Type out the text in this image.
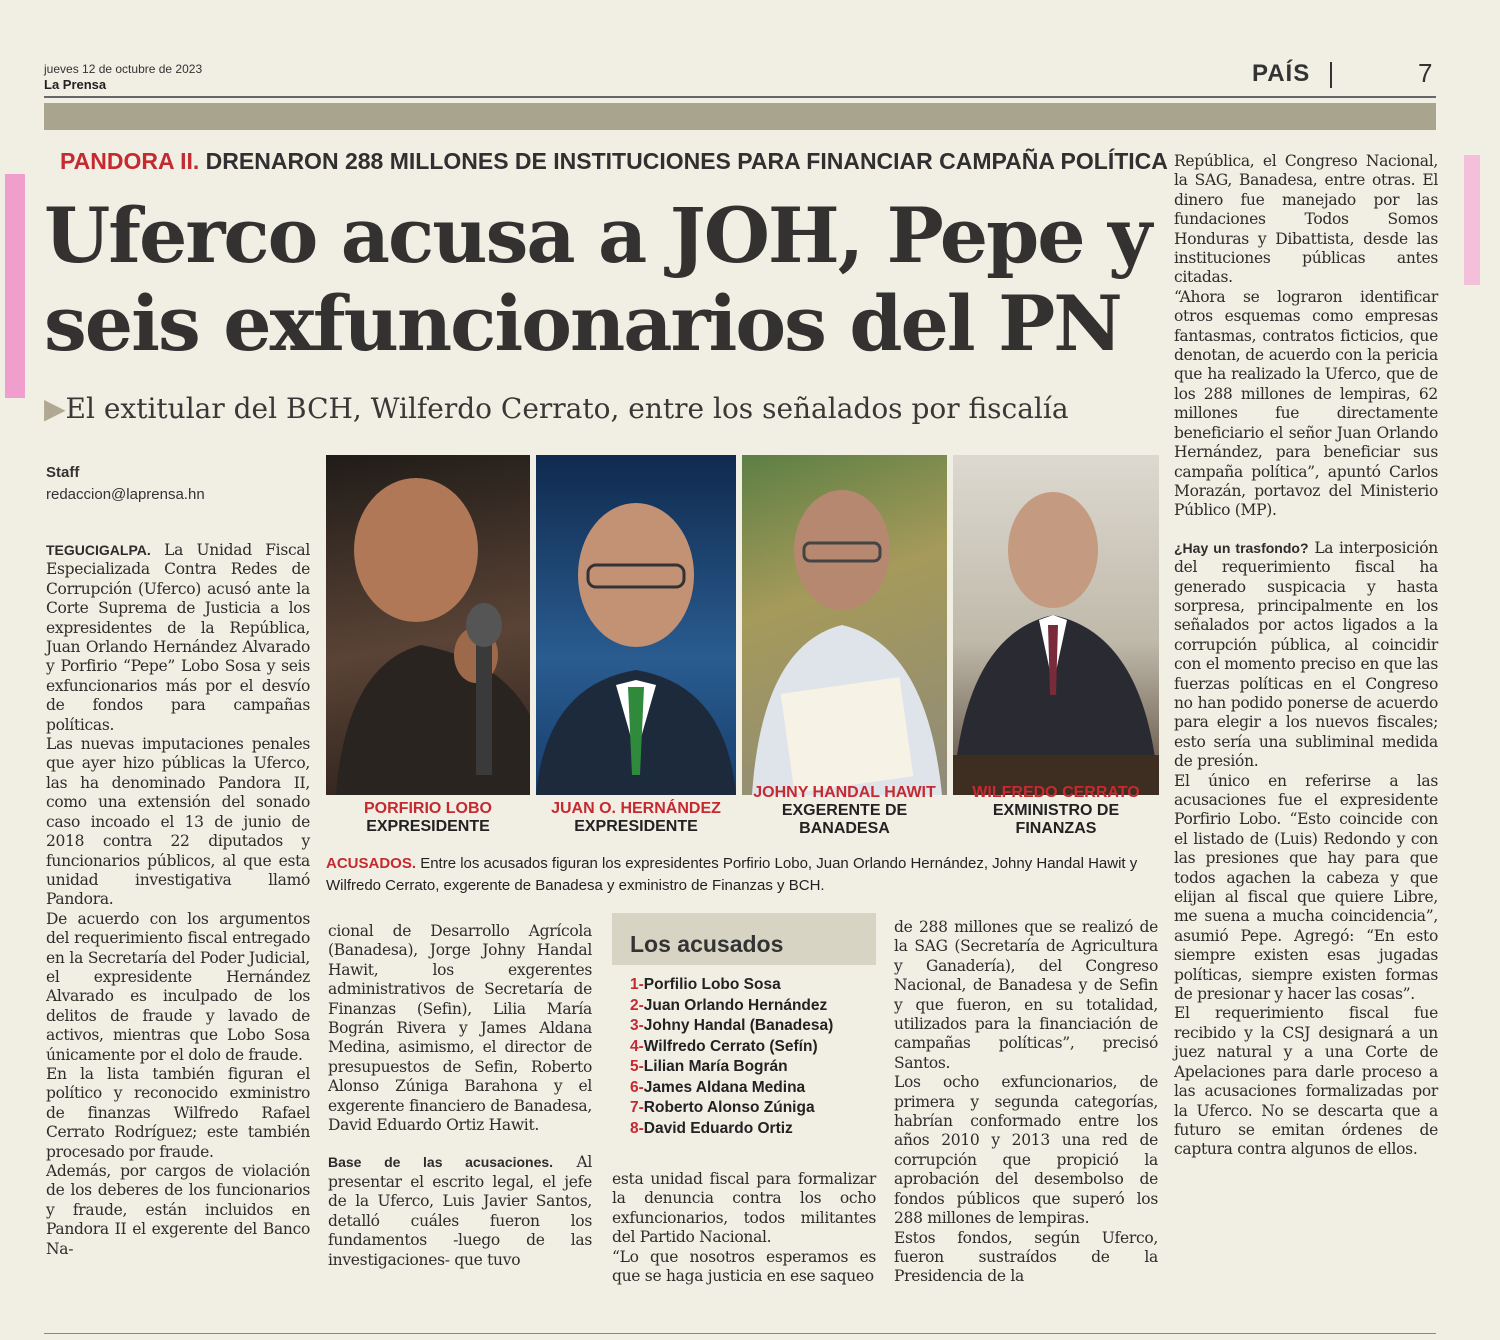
jueves 12 de octubre de 2023
La Prensa	PAÍS	7
PANDORA II. DRENARON 288 MILLONES DE INSTITUCIONES PARA FINANCIAR CAMPAÑA POLÍTICA
Uferco acusa a JOH, Pepe y
seis exfuncionarios del PN
▶El extitular del BCH, Wilferdo Cerrato, entre los señalados por fiscalía
Staff
redaccion@laprensa.hn

TEGUCIGALPA. La Unidad Fiscal Especializada Contra Redes de Corrupción (Uferco) acusó ante la Corte Suprema de Justicia a los expresidentes de la República, Juan Orlando Hernández Alvarado y Porfirio “Pepe” Lobo Sosa y seis exfuncionarios más por el desvío de fondos para campañas políticas.

Las nuevas imputaciones penales que ayer hizo públicas la Uferco, las ha denominado Pandora II, como una extensión del sonado caso incoado el 13 de junio de 2018 contra 22 diputados y funcionarios públicos, al que esta unidad investigativa llamó Pandora.

De acuerdo con los argumentos del requerimiento fiscal entregado en la Secretaría del Poder Judicial, el expresidente Hernández Alvarado es inculpado de los delitos de fraude y lavado de activos, mientras que Lobo Sosa únicamente por el dolo de fraude.

En la lista también figuran el político y reconocido exministro de finanzas Wilfredo Rafael Cerrato Rodríguez; este también procesado por fraude.

Además, por cargos de violación de los deberes de los funcionarios y fraude, están incluidos en Pandora II el exgerente del Banco Na-

PORFIRIO LOBO
EXPRESIDENTE
JUAN O. HERNÁNDEZ
EXPRESIDENTE
JOHNY HANDAL HAWIT
EXGERENTE DE BANADESA
WILFREDO CERRATO
EXMINISTRO DE FINANZAS
ACUSADOS. Entre los acusados figuran los expresidentes Porfirio Lobo, Juan Orlando Hernández, Johny Handal Hawit y Wilfredo Cerrato, exgerente de Banadesa y exministro de Finanzas y BCH.

cional de Desarrollo Agrícola (Banadesa), Jorge Johny Handal Hawit, los exgerentes administrativos de Secretaría de Finanzas (Sefin), Lilia María Bográn Rivera y James Aldana Medina, asimismo, el director de presupuestos de Sefin, Roberto Alonso Zúniga Barahona y el exgerente financiero de Banadesa, David Eduardo Ortiz Hawit.

Base de las acusaciones. Al presentar el escrito legal, el jefe de la Uferco, Luis Javier Santos, detalló cuáles fueron los fundamentos -luego de las investigaciones- que tuvo

Los acusados
1-Porfilio Lobo Sosa
2-Juan Orlando Hernández
3-Johny Handal (Banadesa)
4-Wilfredo Cerrato (Sefín)
5-Lilian María Bográn
6-James Aldana Medina
7-Roberto Alonso Zúniga
8-David Eduardo Ortiz

esta unidad fiscal para formalizar la denuncia contra los ocho exfuncionarios, todos militantes del Partido Nacional.

“Lo que nosotros esperamos es que se haga justicia en ese saqueo

de 288 millones que se realizó de la SAG (Secretaría de Agricultura y Ganadería), del Congreso Nacional, de Banadesa y de Sefin y que fueron, en su totalidad, utilizados para la financiación de campañas políticas”, precisó Santos.

Los ocho exfuncionarios, de primera y segunda categorías, habrían conformado entre los años 2010 y 2013 una red de corrupción que propició la aprobación del desembolso de fondos públicos que superó los 288 millones de lempiras.

Estos fondos, según Uferco, fueron sustraídos de la Presidencia de la

República, el Congreso Nacional, la SAG, Banadesa, entre otras. El dinero fue manejado por las fundaciones Todos Somos Honduras y Dibattista, desde las instituciones públicas antes citadas.

“Ahora se lograron identificar otros esquemas como empresas fantasmas, contratos ficticios, que denotan, de acuerdo con la pericia que ha realizado la Uferco, que de los 288 millones de lempiras, 62 millones fue directamente beneficiario el señor Juan Orlando Hernández, para beneficiar sus campaña política”, apuntó Carlos Morazán, portavoz del Ministerio Público (MP).

¿Hay un trasfondo? La interposición del requerimiento fiscal ha generado suspicacia y hasta sorpresa, principalmente en los señalados por actos ligados a la corrupción pública, al coincidir con el momento preciso en que las fuerzas políticas en el Congreso no han podido ponerse de acuerdo para elegir a los nuevos fiscales; esto sería una subliminal medida de presión.

El único en referirse a las acusaciones fue el expresidente Porfirio Lobo. “Esto coincide con el listado de (Luis) Redondo y con las presiones que hay para que todos agachen la cabeza y que elijan al fiscal que quiere Libre, me suena a mucha coincidencia”, asumió Pepe. Agregó: “En esto siempre existen esas jugadas políticas, siempre existen formas de presionar y hacer las cosas”.

El requerimiento fiscal fue recibido y la CSJ designará a un juez natural y a una Corte de Apelaciones para darle proceso a las acusaciones formalizadas por la Uferco. No se descarta que a futuro se emitan órdenes de captura contra algunos de ellos.
